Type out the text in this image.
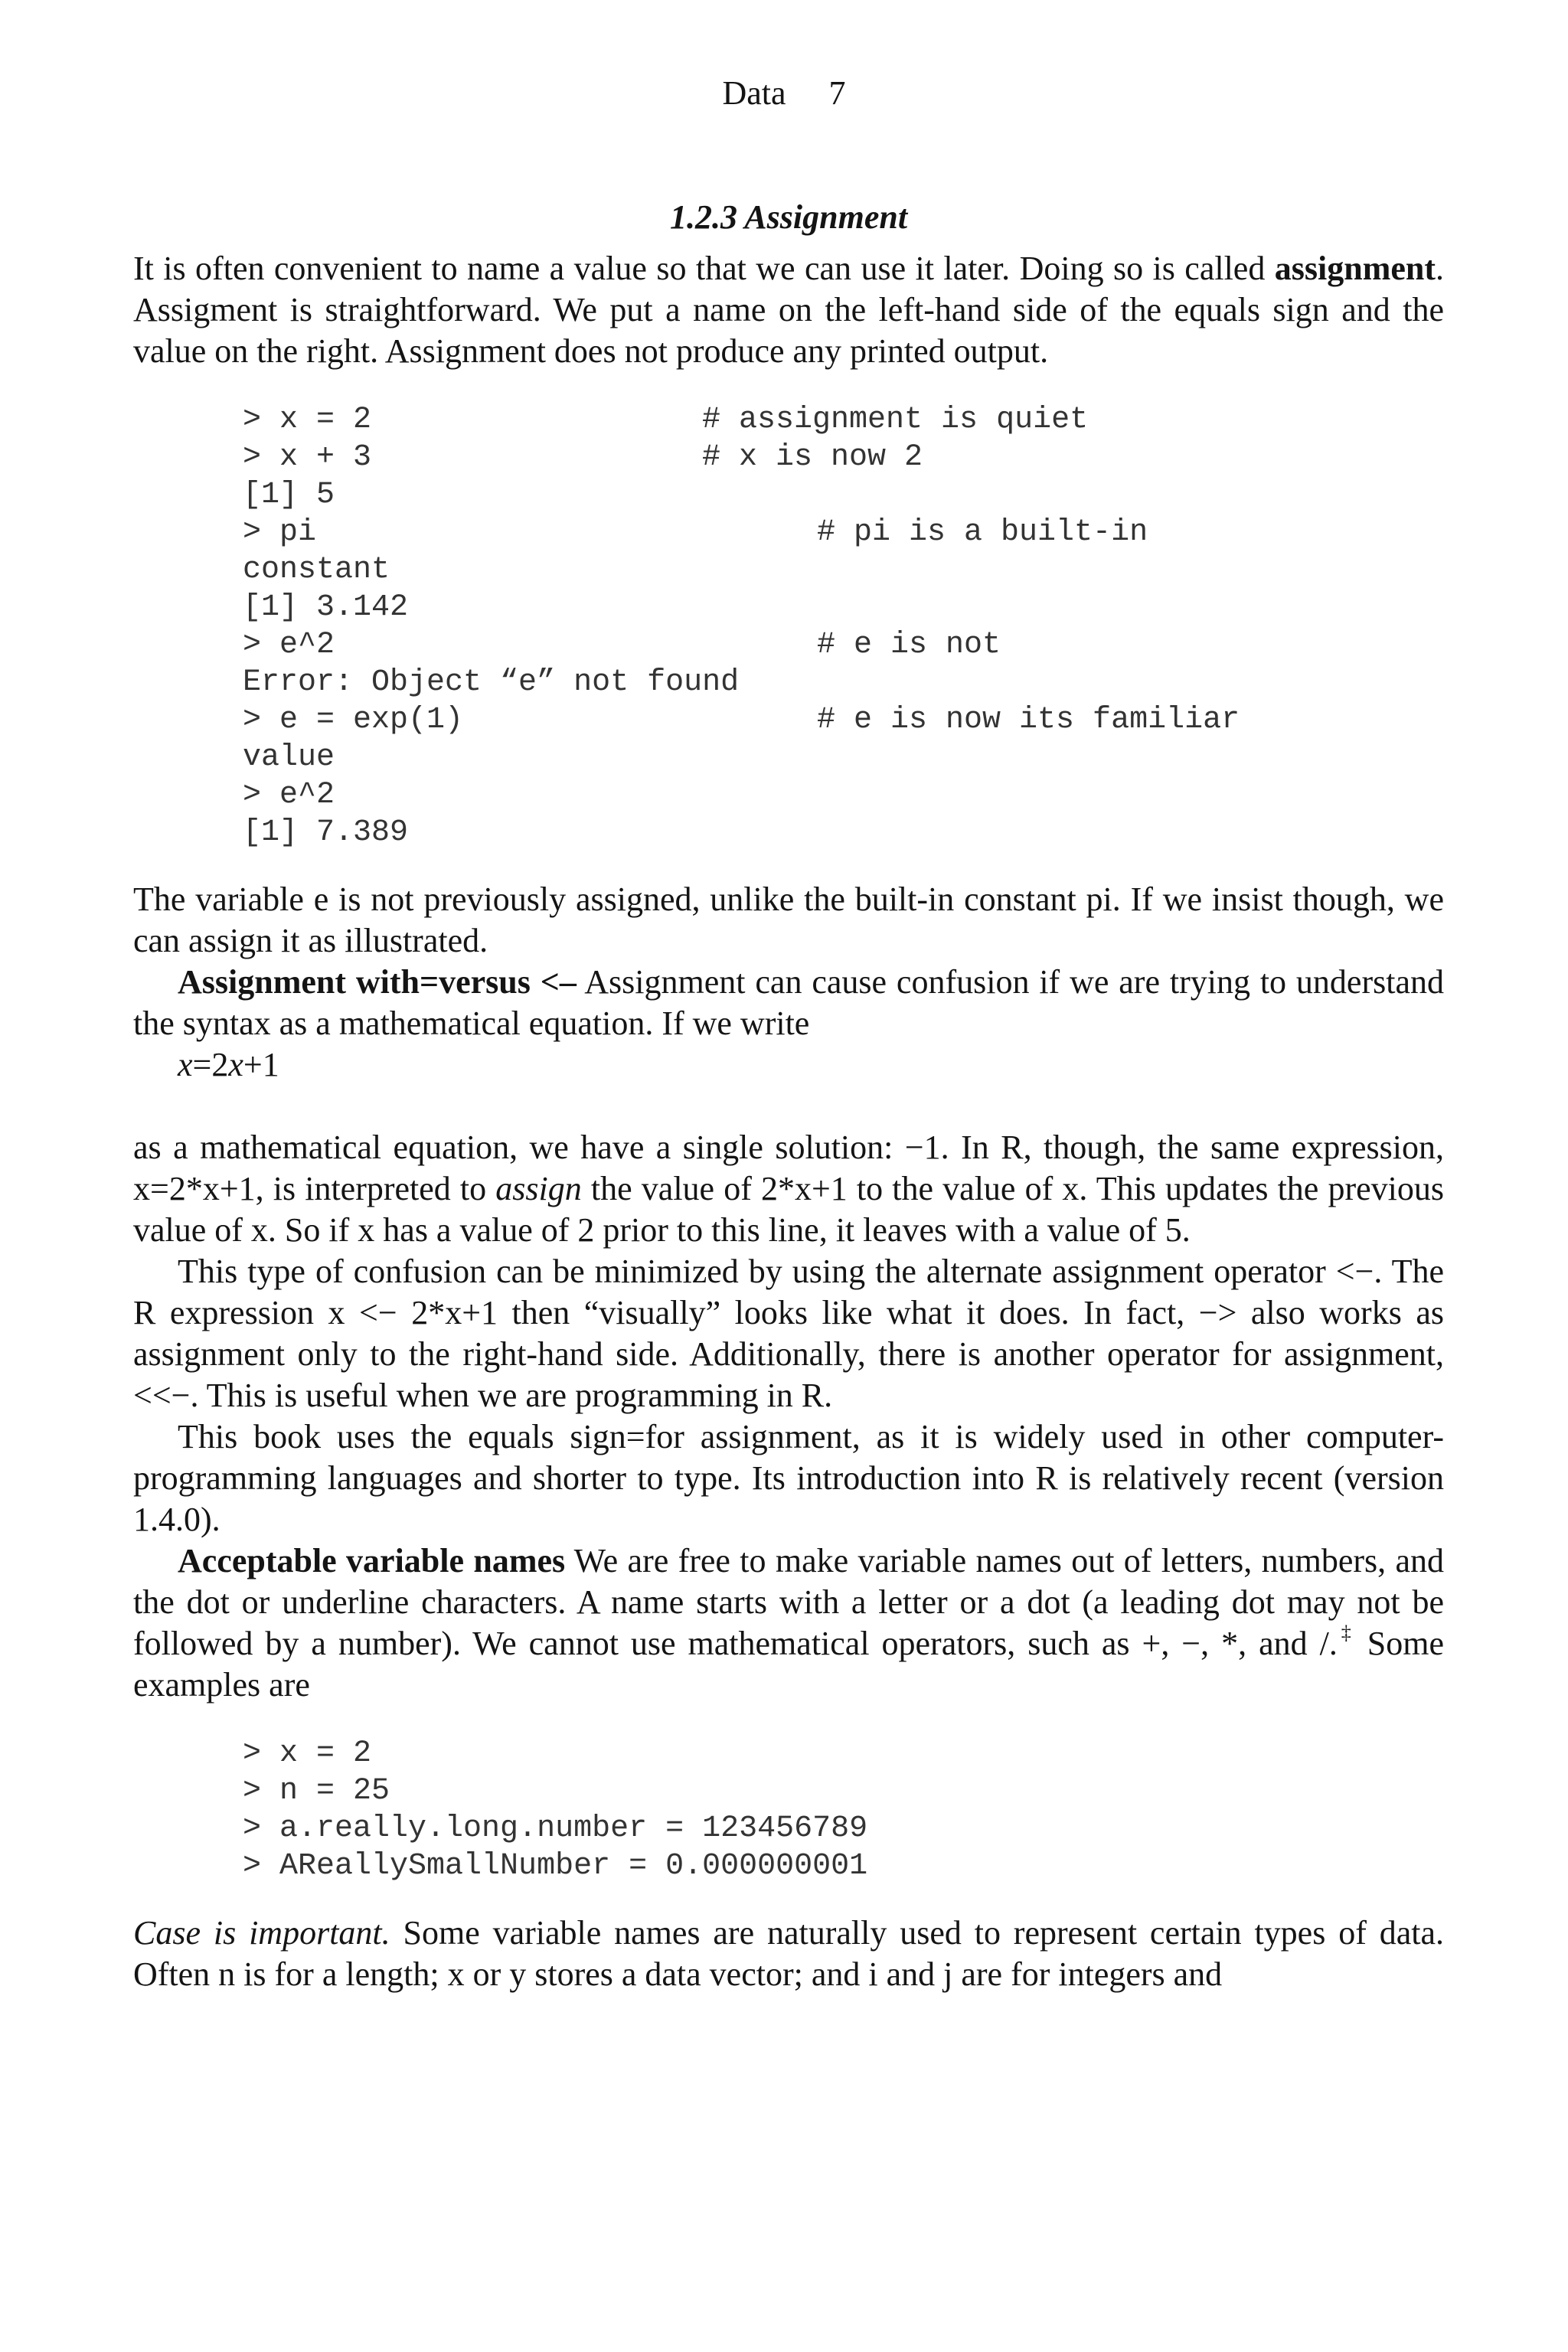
Data 7
1.2.3 Assignment

It is often convenient to name a value so that we can use it later. Doing so is called assignment. Assigment is straightforward. We put a name on the left-hand side of the equals sign and the value on the right. Assignment does not produce any printed output.

> x = 2	# assignment is quiet
> x + 3	# x is now 2
[1] 5
> pi	# pi is a built-in
constant
[1] 3.142
> e^2	# e is not
Error: Object “e” not found
> e = exp(1)	# e is now its familiar
value
> e^2
[1] 7.389

The variable e is not previously assigned, unlike the built-in constant pi. If we insist though, we can assign it as illustrated.

Assignment with=versus <– Assignment can cause confusion if we are trying to understand the syntax as a mathematical equation. If we write

x=2x+1

as a mathematical equation, we have a single solution: −1. In R, though, the same expression, x=2*x+1, is interpreted to assign the value of 2*x+1 to the value of x. This updates the previous value of x. So if x has a value of 2 prior to this line, it leaves with a value of 5.

This type of confusion can be minimized by using the alternate assignment operator <−. The R expression x <− 2*x+1 then “visually” looks like what it does. In fact, −> also works as assignment only to the right-hand side. Additionally, there is another operator for assignment, <<−. This is useful when we are programming in R.

This book uses the equals sign=for assignment, as it is widely used in other computer-programming languages and shorter to type. Its introduction into R is relatively recent (version 1.4.0).

Acceptable variable names We are free to make variable names out of letters, numbers, and the dot or underline characters. A name starts with a letter or a dot (a leading dot may not be followed by a number). We cannot use mathematical operators, such as +, −, *, and /.‡ Some examples are

> x = 2
> n = 25
> a.really.long.number = 123456789
> AReallySmallNumber = 0.000000001

Case is important. Some variable names are naturally used to represent certain types of data. Often n is for a length; x or y stores a data vector; and i and j are for integers and
